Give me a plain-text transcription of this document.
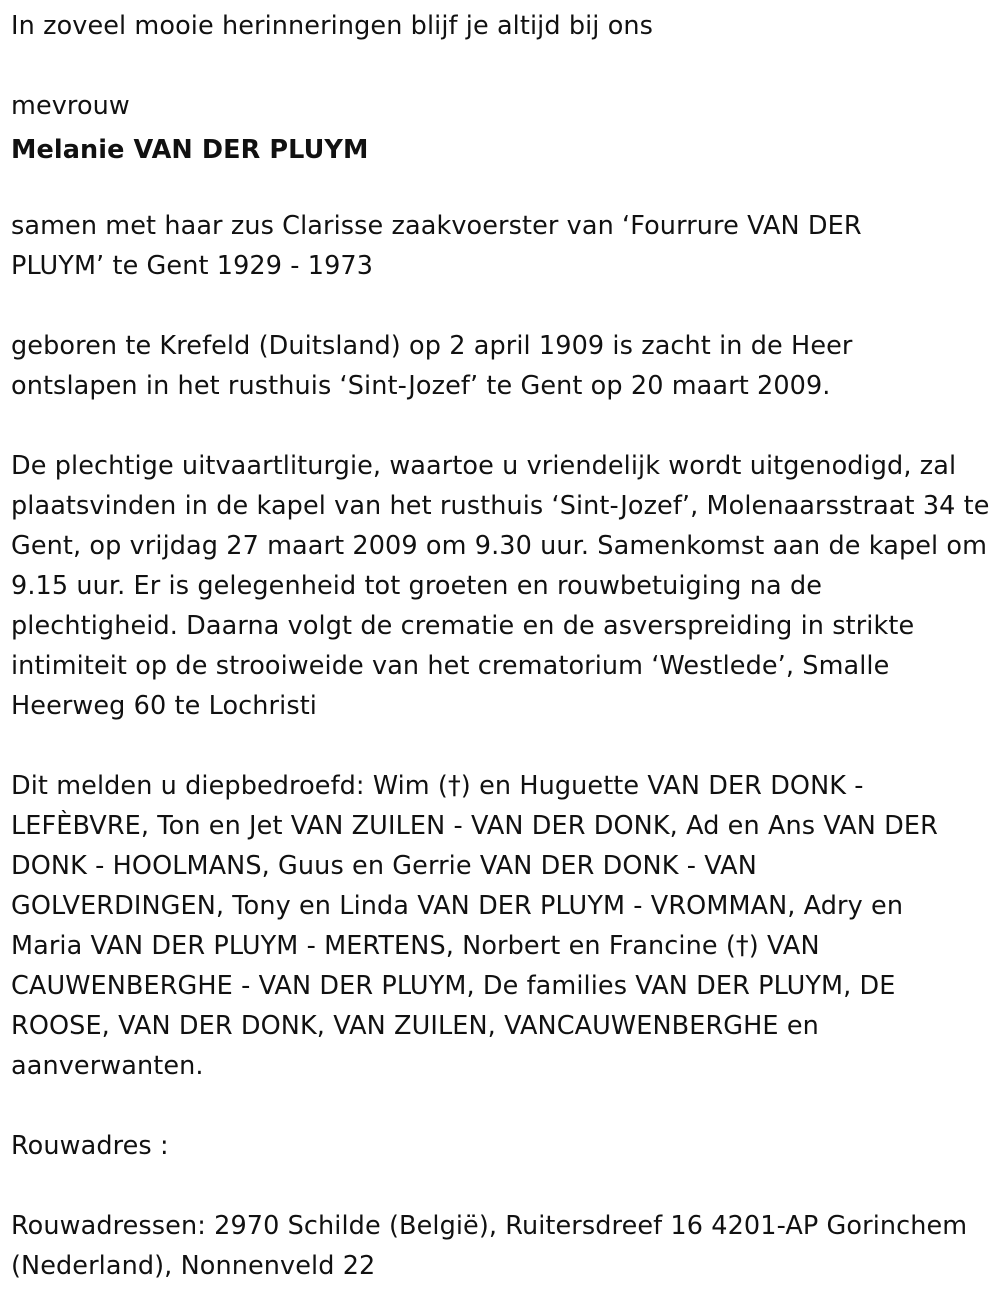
In zoveel mooie herinneringen blijf je altijd bij ons

mevrouw

Melanie VAN DER PLUYM

samen met haar zus Clarisse zaakvoerster van ‘Fourrure VAN DER PLUYM’ te Gent 1929 - 1973

geboren te Krefeld (Duitsland) op 2 april 1909 is zacht in de Heer ontslapen in het rusthuis ‘Sint-Jozef’ te Gent op 20 maart 2009.

De plechtige uitvaartliturgie, waartoe u vriendelijk wordt uitgenodigd, zal plaatsvinden in de kapel van het rusthuis ‘Sint-Jozef’, Molenaarsstraat 34 te Gent, op vrijdag 27 maart 2009 om 9.30 uur. Samenkomst aan de kapel om 9.15 uur. Er is gelegenheid tot groeten en rouwbetuiging na de plechtigheid. Daarna volgt de crematie en de asverspreiding in strikte intimiteit op de strooiweide van het crematorium ‘Westlede’, Smalle Heerweg 60 te Lochristi

Dit melden u diepbedroefd: Wim (†) en Huguette VAN DER DONK - LEFÈBVRE, Ton en Jet VAN ZUILEN - VAN DER DONK, Ad en Ans VAN DER DONK - HOOLMANS, Guus en Gerrie VAN DER DONK - VAN GOLVERDINGEN, Tony en Linda VAN DER PLUYM - VROMMAN, Adry en Maria VAN DER PLUYM - MERTENS, Norbert en Francine (†) VAN CAUWENBERGHE - VAN DER PLUYM, De families VAN DER PLUYM, DE ROOSE, VAN DER DONK, VAN ZUILEN, VANCAUWENBERGHE en aanverwanten.

Rouwadres :

Rouwadressen: 2970 Schilde (België), Ruitersdreef 16 4201-AP Gorinchem (Nederland), Nonnenveld 22
